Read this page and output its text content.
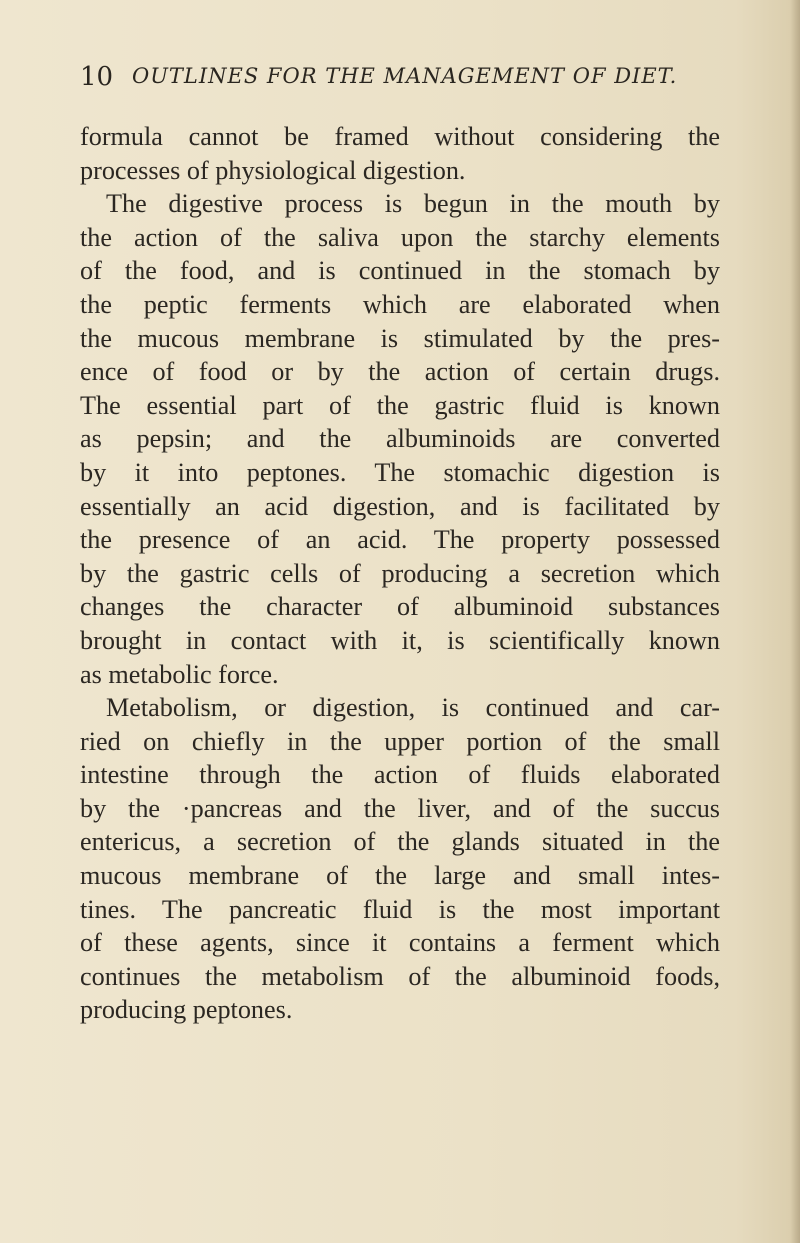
10 OUTLINES FOR THE MANAGEMENT OF DIET.
formula cannot be framed without considering the
processes of physiological digestion.
The digestive process is begun in the mouth by
the action of the saliva upon the starchy elements
of the food, and is continued in the stomach by
the peptic ferments which are elaborated when
the mucous membrane is stimulated by the pres-
ence of food or by the action of certain drugs.
The essential part of the gastric fluid is known
as pepsin; and the albuminoids are converted
by it into peptones. The stomachic digestion is
essentially an acid digestion, and is facilitated by
the presence of an acid. The property possessed
by the gastric cells of producing a secretion which
changes the character of albuminoid substances
brought in contact with it, is scientifically known
as metabolic force.
Metabolism, or digestion, is continued and car-
ried on chiefly in the upper portion of the small
intestine through the action of fluids elaborated
by the ·pancreas and the liver, and of the succus
entericus, a secretion of the glands situated in the
mucous membrane of the large and small intes-
tines. The pancreatic fluid is the most important
of these agents, since it contains a ferment which
continues the metabolism of the albuminoid foods,
producing peptones.
